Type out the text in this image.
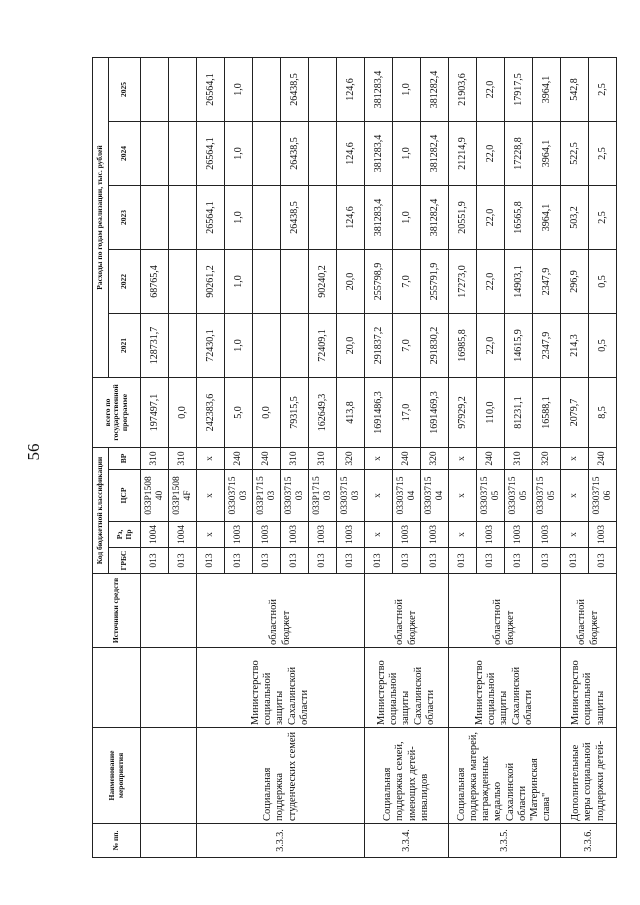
56
№ пп.	Наименование мероприятия		Источники средств	Код бюджетной классификации				всего по государственной программе	Расходы по годам реализации, тыс. рублей				
				ГРБС	Рз, Пр	ЦСР	ВР		2021	2022	2023	2024	2025
				013	1004	033P1508 40	310	197497,1	128731,7	68765,4			
				013	1004	033P1508 4F	310	0,0					
3.3.3.	Социальная поддержка студенческих семей	Министерство социальной защиты Сахалинской области	областной бюджет	013	х	х	х	242383,6	72430,1	90261,2	26564,1	26564,1	26564,1
				013	1003	03303715 03	240	5,0	1,0	1,0	1,0	1,0	1,0
				013	1003	033P1715 03	240	0,0					
				013	1003	03303715 03	310	79315,5			26438,5	26438,5	26438,5
				013	1003	033P1715 03	310	162649,3	72409,1	90240,2			
				013	1003	03303715 03	320	413,8	20,0	20,0	124,6	124,6	124,6
3.3.4.	Социальная поддержка семей, имеющих детей-инвалидов	Министерство социальной защиты Сахалинской области	областной бюджет	013	х	х	х	1691486,3	291837,2	255798,9	381283,4	381283,4	381283,4
				013	1003	03303715 04	240	17,0	7,0	7,0	1,0	1,0	1,0
				013	1003	03303715 04	320	1691469,3	291830,2	255791,9	381282,4	381282,4	381282,4
3.3.5.	Социальная поддержка матерей, награжденных медалью Сахалинской области "Материнская слава"	Министерство социальной защиты Сахалинской области	областной бюджет	013	х	х	х	97929,2	16985,8	17273,0	20551,9	21214,9	21903,6
				013	1003	03303715 05	240	110,0	22,0	22,0	22,0	22,0	22,0
				013	1003	03303715 05	310	81231,1	14615,9	14903,1	16565,8	17228,8	17917,5
				013	1003	03303715 05	320	16588,1	2347,9	2347,9	3964,1	3964,1	3964,1
3.3.6.	Дополнительные меры социальной поддержки детей-	Министерство социальной защиты	областной бюджет	013	х	х	х	2079,7	214,3	296,9	503,2	522,5	542,8
				013	1003	03303715 06	240	8,5	0,5	0,5	2,5	2,5	2,5
